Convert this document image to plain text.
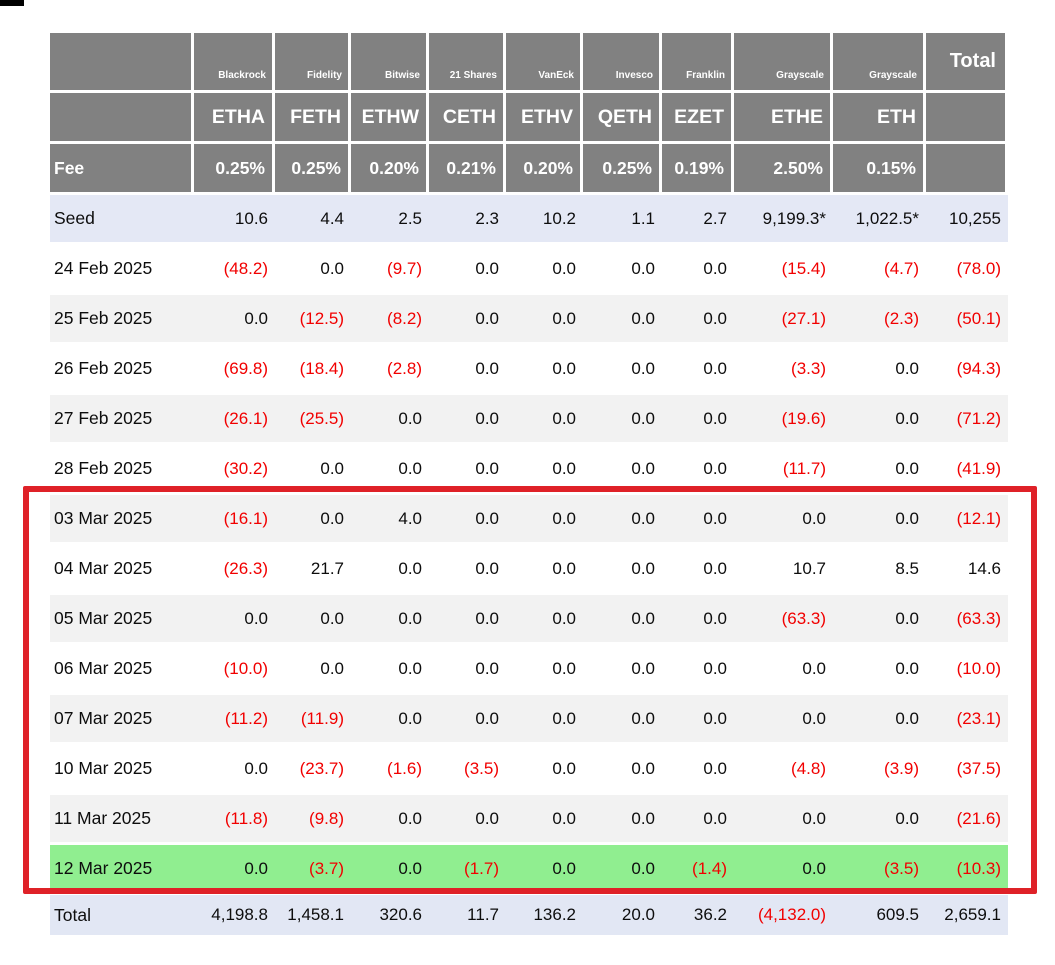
	Blackrock	Fidelity	Bitwise	21 Shares	VanEck	Invesco	Franklin	Grayscale	Grayscale	Total
	ETHA	FETH	ETHW	CETH	ETHV	QETH	EZET	ETHE	ETH	
Fee	0.25%	0.25%	0.20%	0.21%	0.20%	0.25%	0.19%	2.50%	0.15%	
Seed	10.6	4.4	2.5	2.3	10.2	1.1	2.7	9,199.3*	1,022.5*	10,255
24 Feb 2025	(48.2)	0.0	(9.7)	0.0	0.0	0.0	0.0	(15.4)	(4.7)	(78.0)
25 Feb 2025	0.0	(12.5)	(8.2)	0.0	0.0	0.0	0.0	(27.1)	(2.3)	(50.1)
26 Feb 2025	(69.8)	(18.4)	(2.8)	0.0	0.0	0.0	0.0	(3.3)	0.0	(94.3)
27 Feb 2025	(26.1)	(25.5)	0.0	0.0	0.0	0.0	0.0	(19.6)	0.0	(71.2)
28 Feb 2025	(30.2)	0.0	0.0	0.0	0.0	0.0	0.0	(11.7)	0.0	(41.9)
03 Mar 2025	(16.1)	0.0	4.0	0.0	0.0	0.0	0.0	0.0	0.0	(12.1)
04 Mar 2025	(26.3)	21.7	0.0	0.0	0.0	0.0	0.0	10.7	8.5	14.6
05 Mar 2025	0.0	0.0	0.0	0.0	0.0	0.0	0.0	(63.3)	0.0	(63.3)
06 Mar 2025	(10.0)	0.0	0.0	0.0	0.0	0.0	0.0	0.0	0.0	(10.0)
07 Mar 2025	(11.2)	(11.9)	0.0	0.0	0.0	0.0	0.0	0.0	0.0	(23.1)
10 Mar 2025	0.0	(23.7)	(1.6)	(3.5)	0.0	0.0	0.0	(4.8)	(3.9)	(37.5)
11 Mar 2025	(11.8)	(9.8)	0.0	0.0	0.0	0.0	0.0	0.0	0.0	(21.6)
12 Mar 2025	0.0	(3.7)	0.0	(1.7)	0.0	0.0	(1.4)	0.0	(3.5)	(10.3)
Total	4,198.8	1,458.1	320.6	11.7	136.2	20.0	36.2	(4,132.0)	609.5	2,659.1
